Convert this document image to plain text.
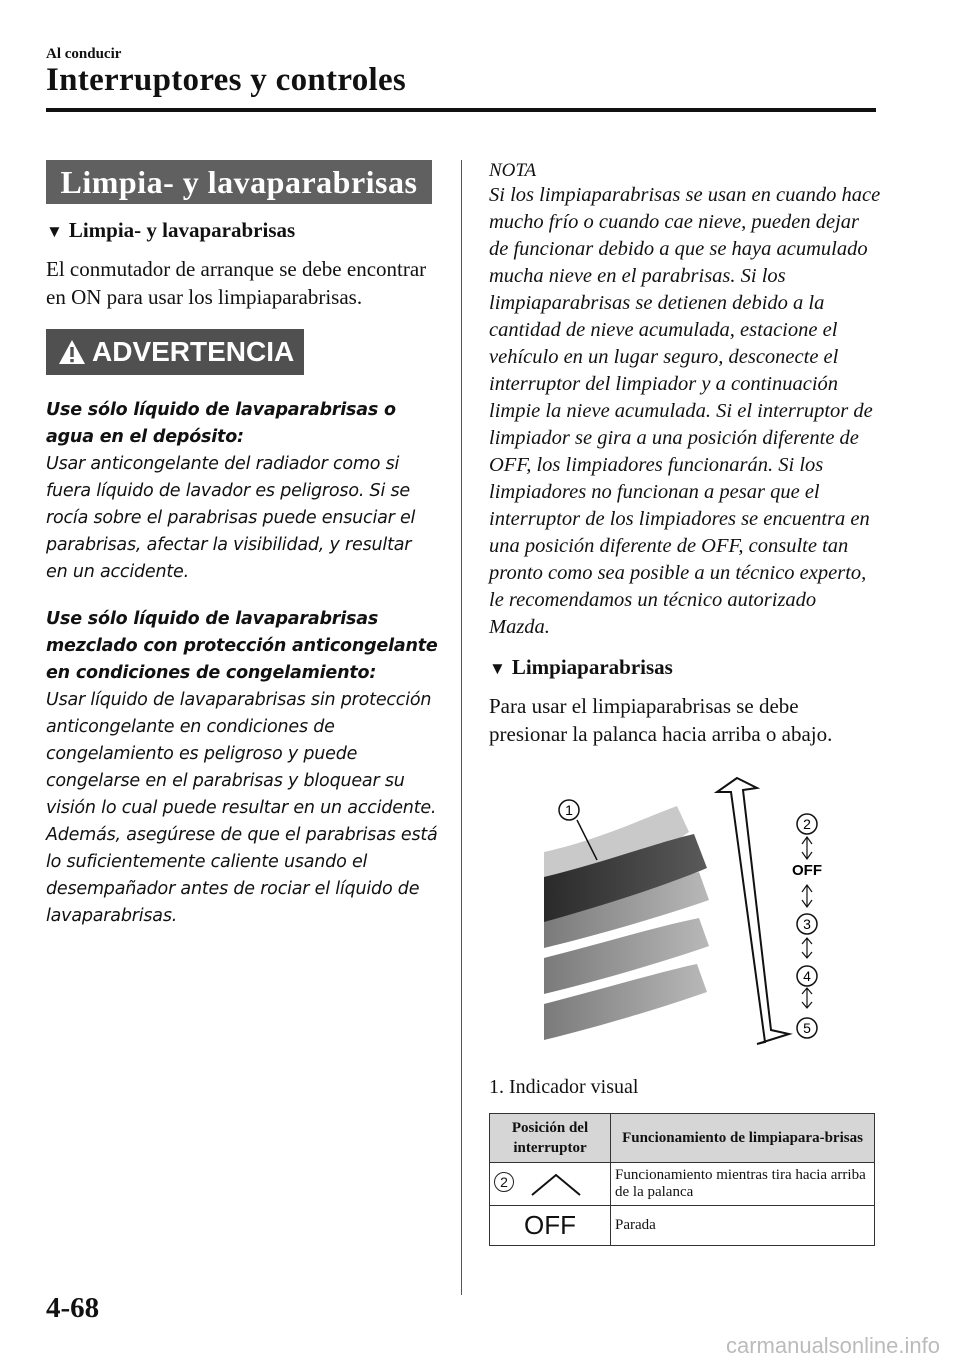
Al conducir
Interruptores y controles
Limpia- y lavaparabrisas
▼ Limpia- y lavaparabrisas
El conmutador de arranque se debe encontrar en ON para usar los limpiaparabrisas.
ADVERTENCIA
Use sólo líquido de lavaparabrisas o agua en el depósito:
Usar anticongelante del radiador como si fuera líquido de lavador es peligroso. Si se rocía sobre el parabrisas puede ensuciar el parabrisas, afectar la visibilidad, y resultar en un accidente.
Use sólo líquido de lavaparabrisas mezclado con protección anticongelante en condiciones de congelamiento:
Usar líquido de lavaparabrisas sin protección anticongelante en condiciones de congelamiento es peligroso y puede congelarse en el parabrisas y bloquear su visión lo cual puede resultar en un accidente. Además, asegúrese de que el parabrisas está lo suficientemente caliente usando el desempañador antes de rociar el líquido de lavaparabrisas.
NOTA
Si los limpiaparabrisas se usan en cuando hace mucho frío o cuando cae nieve, pueden dejar de funcionar debido a que se haya acumulado mucha nieve en el parabrisas. Si los limpiaparabrisas se detienen debido a la cantidad de nieve acumulada, estacione el vehículo en un lugar seguro, desconecte el interruptor del limpiador y a continuación limpie la nieve acumulada. Si el interruptor de limpiador se gira a una posición diferente de OFF, los limpiadores funcionarán. Si los limpiadores no funcionan a pesar que el interruptor de los limpiadores se encuentra en una posición diferente de OFF, consulte tan pronto como sea posible a un técnico experto, le recomendamos un técnico autorizado Mazda.
▼ Limpiaparabrisas
Para usar el limpiaparabrisas se debe presionar la palanca hacia arriba o abajo.
1
2
OFF
3
4
5
1. Indicador visual
Posición del interruptor	Funcionamiento de limpiapara-brisas
2	Funcionamiento mientras tira hacia arriba de la palanca
OFF	Parada
4-68
carmanualsonline.info
